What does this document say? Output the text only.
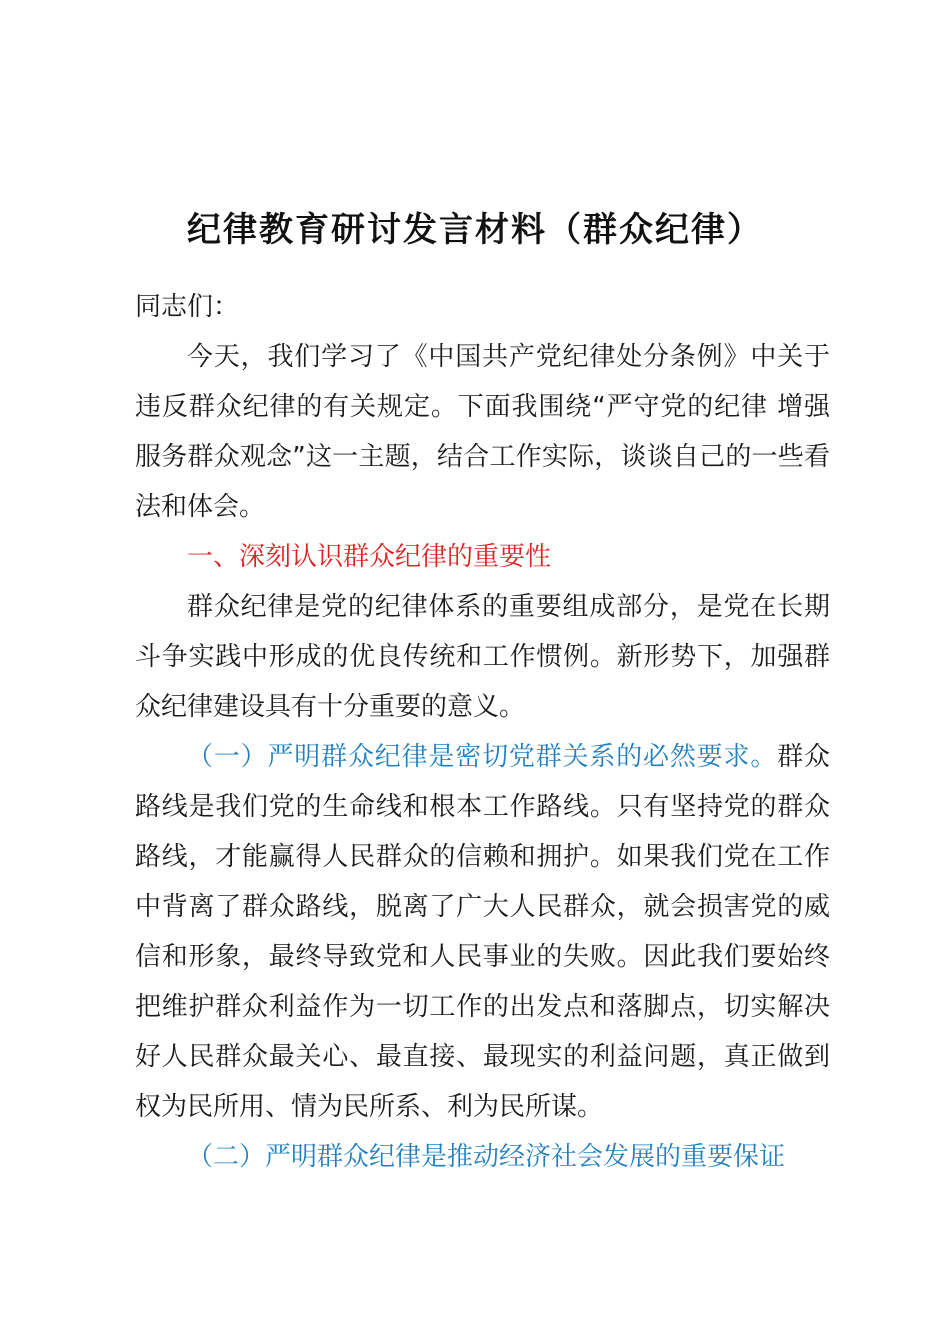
纪律教育研讨发言材料（群众纪律）

同志们：

今天，我们学习了《中国共产党纪律处分条例》中关于违反群众纪律的有关规定。下面我围绕“严守党的纪律 增强服务群众观念”这一主题，结合工作实际，谈谈自己的一些看法和体会。

一、深刻认识群众纪律的重要性

群众纪律是党的纪律体系的重要组成部分，是党在长期斗争实践中形成的优良传统和工作惯例。新形势下，加强群众纪律建设具有十分重要的意义。

（一）严明群众纪律是密切党群关系的必然要求。群众路线是我们党的生命线和根本工作路线。只有坚持党的群众路线，才能赢得人民群众的信赖和拥护。如果我们党在工作中背离了群众路线，脱离了广大人民群众，就会损害党的威信和形象，最终导致党和人民事业的失败。因此我们要始终把维护群众利益作为一切工作的出发点和落脚点，切实解决好人民群众最关心、最直接、最现实的利益问题，真正做到权为民所用、情为民所系、利为民所谋。

（二）严明群众纪律是推动经济社会发展的重要保证
